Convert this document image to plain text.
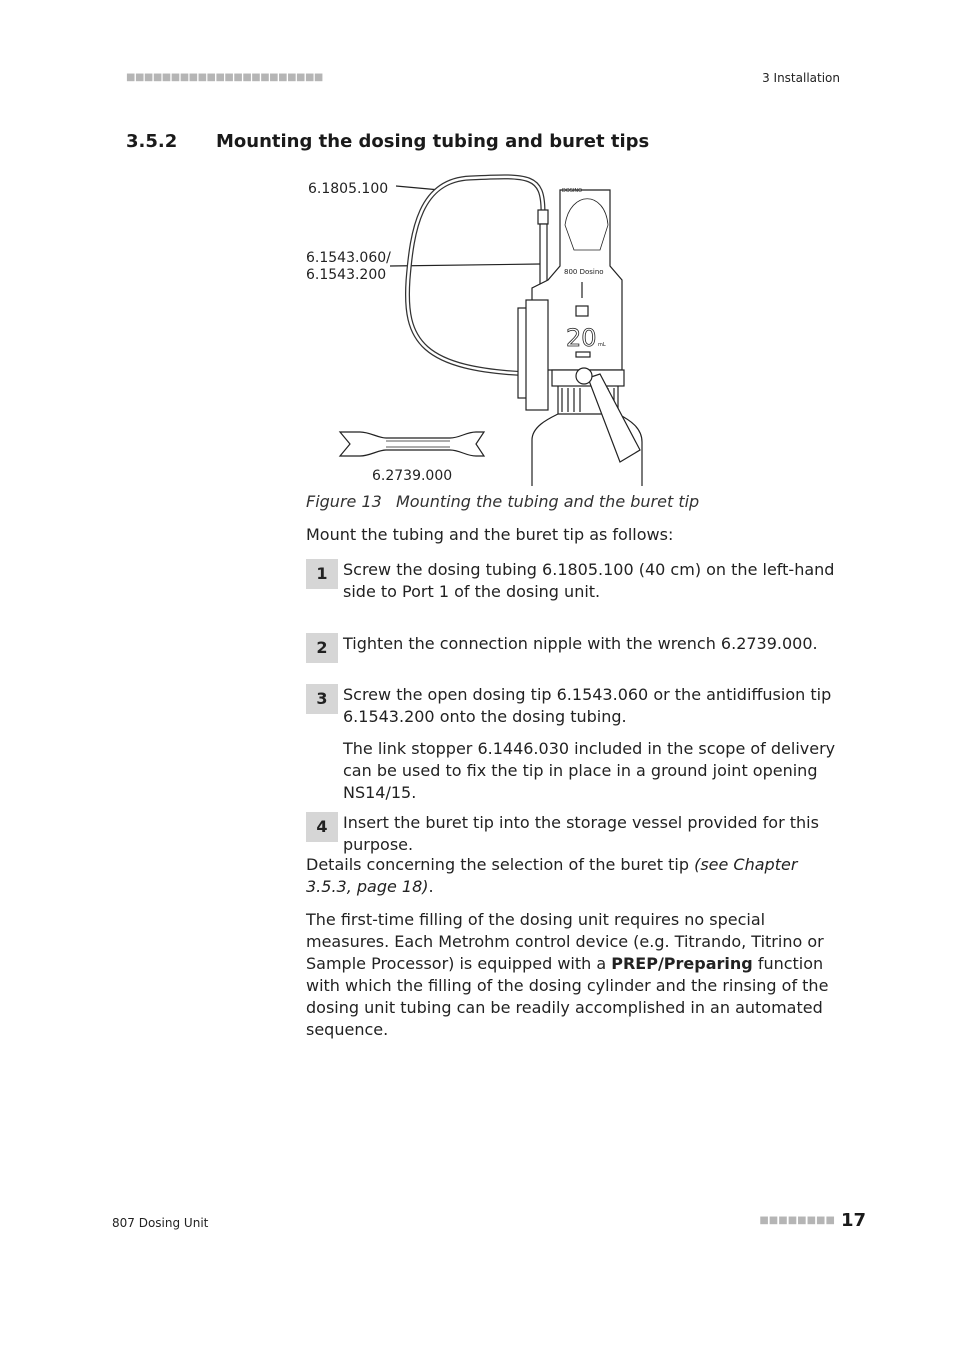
■■■■■■■■■■■■■■■■■■■■■■	3 Installation
3.5.2 Mounting the dosing tubing and buret tips
6.1805.100
6.1543.060/
6.1543.200
6.2739.000
DOSINO
800 Dosino
20 mL
Figure 13 Mounting the tubing and the buret tip
Mount the tubing and the buret tip as follows:
1 Screw the dosing tubing 6.1805.100 (40 cm) on the left-hand side to Port 1 of the dosing unit.

2 Tighten the connection nipple with the wrench 6.2739.000.

3 Screw the open dosing tip 6.1543.060 or the antidiffusion tip 6.1543.200 onto the dosing tubing.

The link stopper 6.1446.030 included in the scope of delivery can be used to fix the tip in place in a ground joint opening NS14/15.

4 Insert the buret tip into the storage vessel provided for this purpose.

Details concerning the selection of the buret tip (see Chapter 3.5.3, page 18).
The first-time filling of the dosing unit requires no special measures. Each Metrohm control device (e.g. Titrando, Titrino or Sample Processor) is equipped with a PREP/Preparing function with which the filling of the dosing cylinder and the rinsing of the dosing unit tubing can be readily accomplished in an automated sequence.
807 Dosing Unit	■■■■■■■■ 17
